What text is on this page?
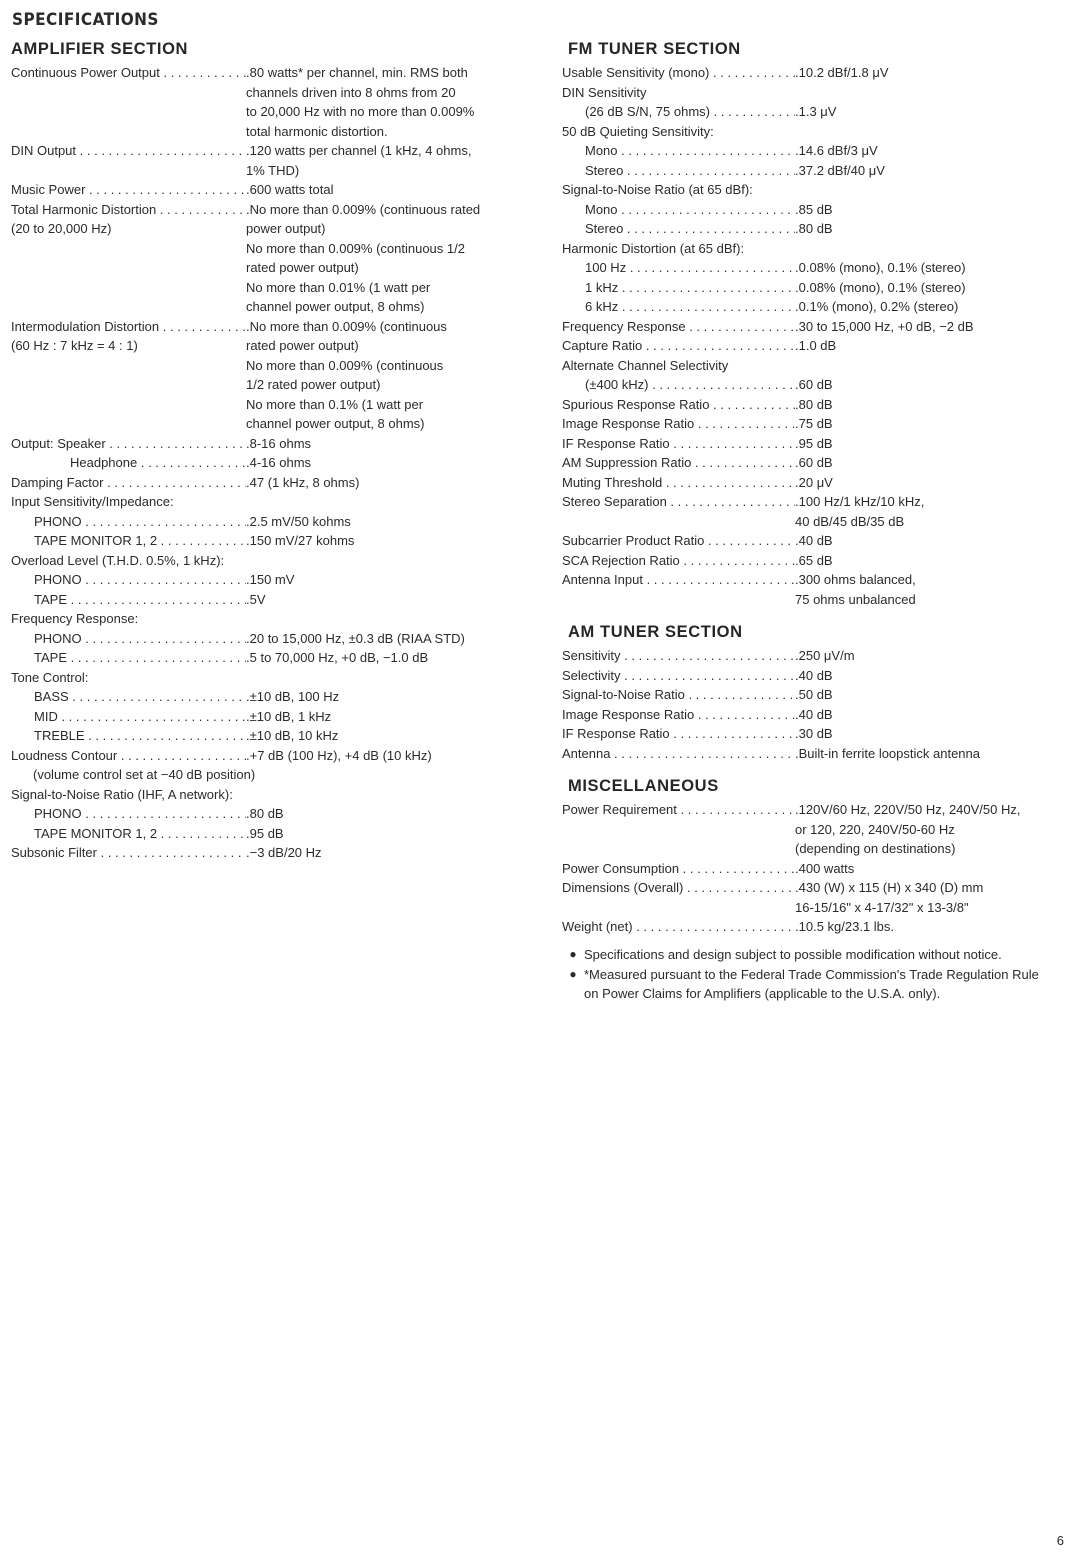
SPECIFICATIONS
AMPLIFIER SECTION
Continuous Power Output . . .	. 80 watts* per channel, min. RMS both
channels driven into 8 ohms from 20
to 20,000 Hz with no more than 0.009%
total harmonic distortion.
DIN Output . . .	. 120 watts per channel (1 kHz, 4 ohms,
1% THD)
Music Power . . .	. 600 watts total
Total Harmonic Distortion . . .	. No more than 0.009% (continuous rated
(20 to 20,000 Hz)	power output)
No more than 0.009% (continuous 1/2
rated power output)
No more than 0.01% (1 watt per
channel power output, 8 ohms)
Intermodulation Distortion . . .	. No more than 0.009% (continuous
(60 Hz : 7 kHz = 4 : 1)	rated power output)
No more than 0.009% (continuous
1/2 rated power output)
No more than 0.1% (1 watt per
channel power output, 8 ohms)
Output: Speaker . . .	. 8-16 ohms
Headphone . . .	. 4-16 ohms
Damping Factor . . .	. 47 (1 kHz, 8 ohms)
Input Sensitivity/Impedance:
PHONO . . .	. 2.5 mV/50 kohms
TAPE MONITOR 1, 2 . . .	. 150 mV/27 kohms
Overload Level (T.H.D. 0.5%, 1 kHz):
PHONO . . .	. 150 mV
TAPE . . .	. 5V
Frequency Response:
PHONO . . .	. 20 to 15,000 Hz, ±0.3 dB (RIAA STD)
TAPE . . .	. 5 to 70,000 Hz, +0 dB, −1.0 dB
Tone Control:
BASS . . .	. ±10 dB, 100 Hz
MID . . .	. ±10 dB, 1 kHz
TREBLE . . .	. ±10 dB, 10 kHz
Loudness Contour . . .	. +7 dB (100 Hz), +4 dB (10 kHz)
(volume control set at −40 dB position)
Signal-to-Noise Ratio (IHF, A network):
PHONO . . .	. 80 dB
TAPE MONITOR 1, 2 . . .	. 95 dB
Subsonic Filter . . .	. −3 dB/20 Hz
FM TUNER SECTION
Usable Sensitivity (mono) . . .	. 10.2 dBf/1.8 μV
DIN Sensitivity
(26 dB S/N, 75 ohms) . . .	. 1.3 μV
50 dB Quieting Sensitivity:
Mono . . .	. 14.6 dBf/3 μV
Stereo . . .	. 37.2 dBf/40 μV
Signal-to-Noise Ratio (at 65 dBf):
Mono . . .	. 85 dB
Stereo . . .	. 80 dB
Harmonic Distortion (at 65 dBf):
100 Hz . . .	. 0.08% (mono), 0.1% (stereo)
1 kHz . . .	. 0.08% (mono), 0.1% (stereo)
6 kHz . . .	. 0.1% (mono), 0.2% (stereo)
Frequency Response . . .	. 30 to 15,000 Hz, +0 dB, −2 dB
Capture Ratio . . .	. 1.0 dB
Alternate Channel Selectivity
(±400 kHz) . . .	. 60 dB
Spurious Response Ratio . . .	. 80 dB
Image Response Ratio . . .	. 75 dB
IF Response Ratio . . .	. 95 dB
AM Suppression Ratio . . .	. 60 dB
Muting Threshold . . .	. 20 μV
Stereo Separation . . .	. 100 Hz/1 kHz/10 kHz,
40 dB/45 dB/35 dB
Subcarrier Product Ratio . . .	. 40 dB
SCA Rejection Ratio . . .	. 65 dB
Antenna Input . . .	. 300 ohms balanced,
75 ohms unbalanced
AM TUNER SECTION
Sensitivity . . .	. 250 μV/m
Selectivity . . .	. 40 dB
Signal-to-Noise Ratio . . .	. 50 dB
Image Response Ratio . . .	. 40 dB
IF Response Ratio . . .	. 30 dB
Antenna . . .	. Built-in ferrite loopstick antenna
MISCELLANEOUS
Power Requirement . . .	. 120V/60 Hz, 220V/50 Hz, 240V/50 Hz,
or 120, 220, 240V/50-60 Hz
(depending on destinations)
Power Consumption . . .	. 400 watts
Dimensions (Overall) . . .	. 430 (W) x 115 (H) x 340 (D) mm
16-15/16" x 4-17/32" x 13-3/8"
Weight (net) . . .	. 10.5 kg/23.1 lbs.
● Specifications and design subject to possible modification without notice.
● *Measured pursuant to the Federal Trade Commission's Trade Regulation Rule on Power Claims for Amplifiers (applicable to the U.S.A. only).
6
